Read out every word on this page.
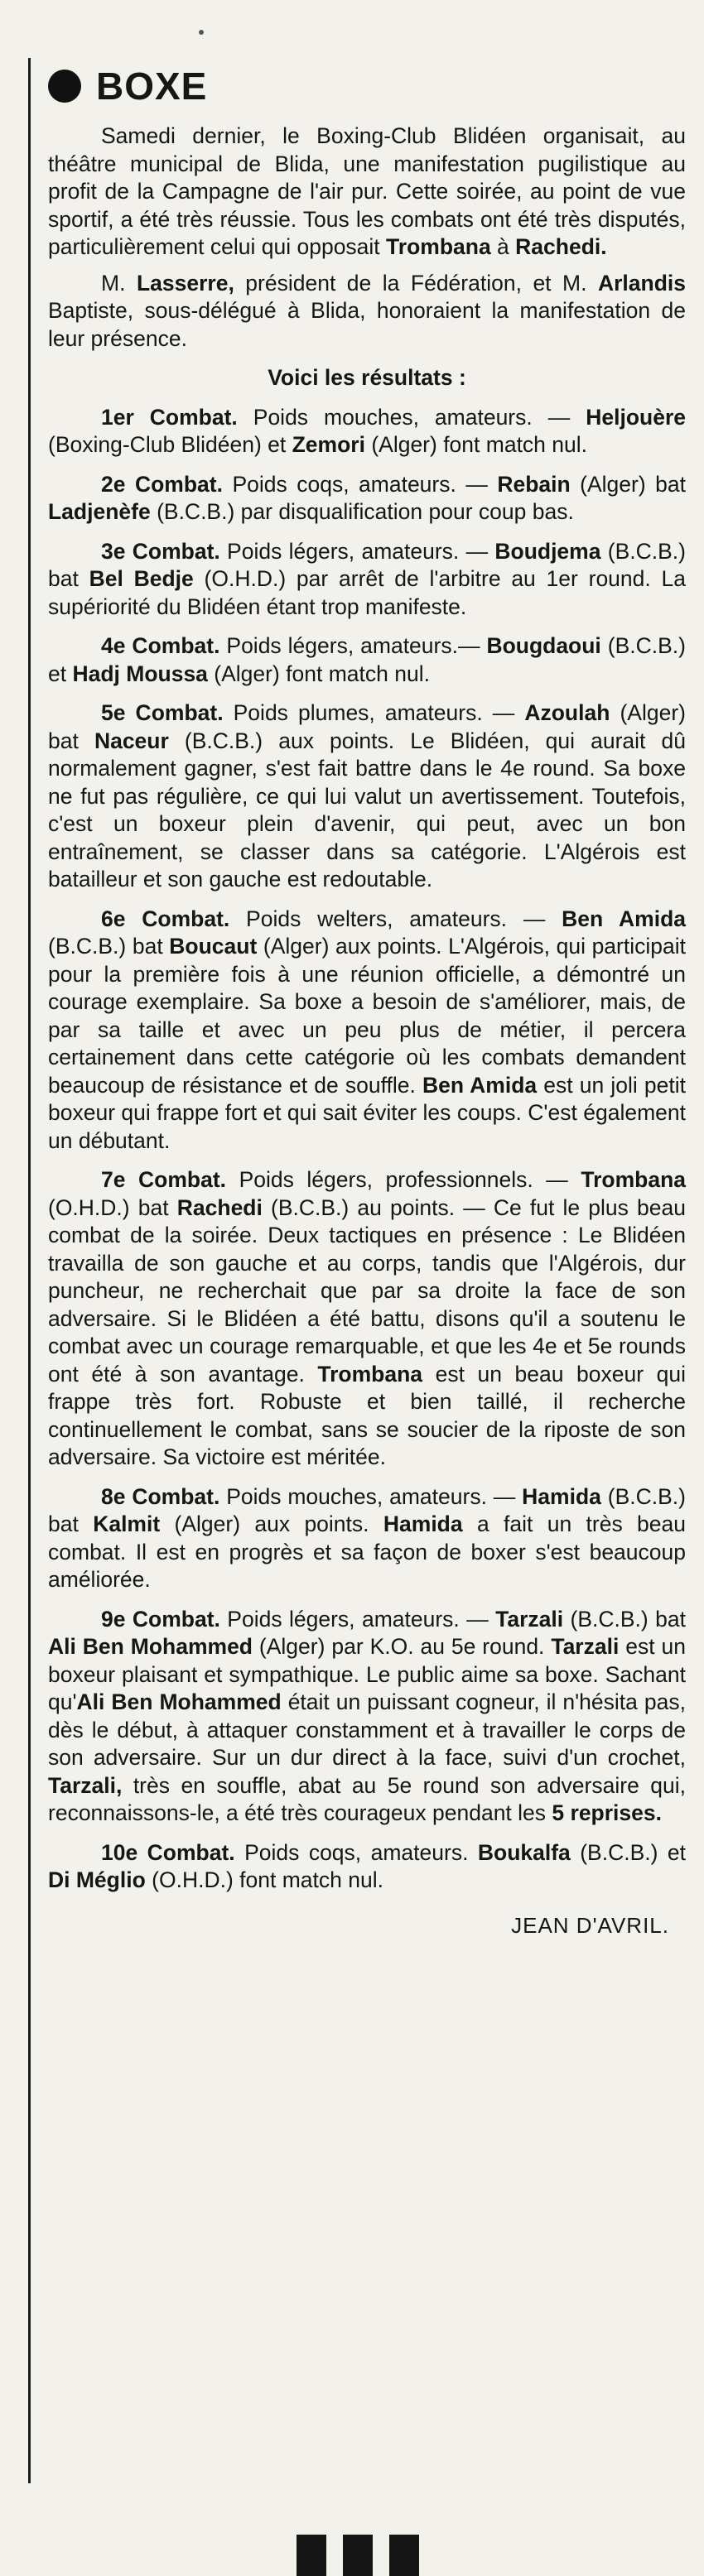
BOXE

Samedi dernier, le Boxing-Club Blidéen organisait, au théâtre municipal de Blida, une manifestation pugilistique au profit de la Campagne de l'air pur. Cette soirée, au point de vue sportif, a été très réussie. Tous les combats ont été très disputés, particulièrement celui qui opposait Trombana à Rachedi.

M. Lasserre, président de la Fédération, et M. Arlandis Baptiste, sous-délégué à Blida, honoraient la manifestation de leur présence.

Voici les résultats :

1er Combat. Poids mouches, amateurs. — Heljouère (Boxing-Club Blidéen) et Zemori (Alger) font match nul.

2e Combat. Poids coqs, amateurs. — Rebain (Alger) bat Ladjenèfe (B.C.B.) par disqualification pour coup bas.

3e Combat. Poids légers, amateurs. — Boudjema (B.C.B.) bat Bel Bedje (O.H.D.) par arrêt de l'arbitre au 1er round. La supériorité du Blidéen étant trop manifeste.

4e Combat. Poids légers, amateurs.— Bougdaoui (B.C.B.) et Hadj Moussa (Alger) font match nul.

5e Combat. Poids plumes, amateurs. — Azoulah (Alger) bat Naceur (B.C.B.) aux points. Le Blidéen, qui aurait dû normalement gagner, s'est fait battre dans le 4e round. Sa boxe ne fut pas régulière, ce qui lui valut un avertissement. Toutefois, c'est un boxeur plein d'avenir, qui peut, avec un bon entraînement, se classer dans sa catégorie. L'Algérois est batailleur et son gauche est redoutable.

6e Combat. Poids welters, amateurs. — Ben Amida (B.C.B.) bat Boucaut (Alger) aux points. L'Algérois, qui participait pour la première fois à une réunion officielle, a démontré un courage exemplaire. Sa boxe a besoin de s'améliorer, mais, de par sa taille et avec un peu plus de métier, il percera certainement dans cette catégorie où les combats demandent beaucoup de résistance et de souffle. Ben Amida est un joli petit boxeur qui frappe fort et qui sait éviter les coups. C'est également un débutant.

7e Combat. Poids légers, professionnels. — Trombana (O.H.D.) bat Rachedi (B.C.B.) au points. — Ce fut le plus beau combat de la soirée. Deux tactiques en présence : Le Blidéen travailla de son gauche et au corps, tandis que l'Algérois, dur puncheur, ne recherchait que par sa droite la face de son adversaire. Si le Blidéen a été battu, disons qu'il a soutenu le combat avec un courage remarquable, et que les 4e et 5e rounds ont été à son avantage. Trombana est un beau boxeur qui frappe très fort. Robuste et bien taillé, il recherche continuellement le combat, sans se soucier de la riposte de son adversaire. Sa victoire est méritée.

8e Combat. Poids mouches, amateurs. — Hamida (B.C.B.) bat Kalmit (Alger) aux points. Hamida a fait un très beau combat. Il est en progrès et sa façon de boxer s'est beaucoup améliorée.

9e Combat. Poids légers, amateurs. — Tarzali (B.C.B.) bat Ali Ben Mohammed (Alger) par K.O. au 5e round. Tarzali est un boxeur plaisant et sympathique. Le public aime sa boxe. Sachant qu'Ali Ben Mohammed était un puissant cogneur, il n'hésita pas, dès le début, à attaquer constamment et à travailler le corps de son adversaire. Sur un dur direct à la face, suivi d'un crochet, Tarzali, très en souffle, abat au 5e round son adversaire qui, reconnaissons-le, a été très courageux pendant les 5 reprises.

10e Combat. Poids coqs, amateurs. Boukalfa (B.C.B.) et Di Méglio (O.H.D.) font match nul.

JEAN D'AVRIL.
